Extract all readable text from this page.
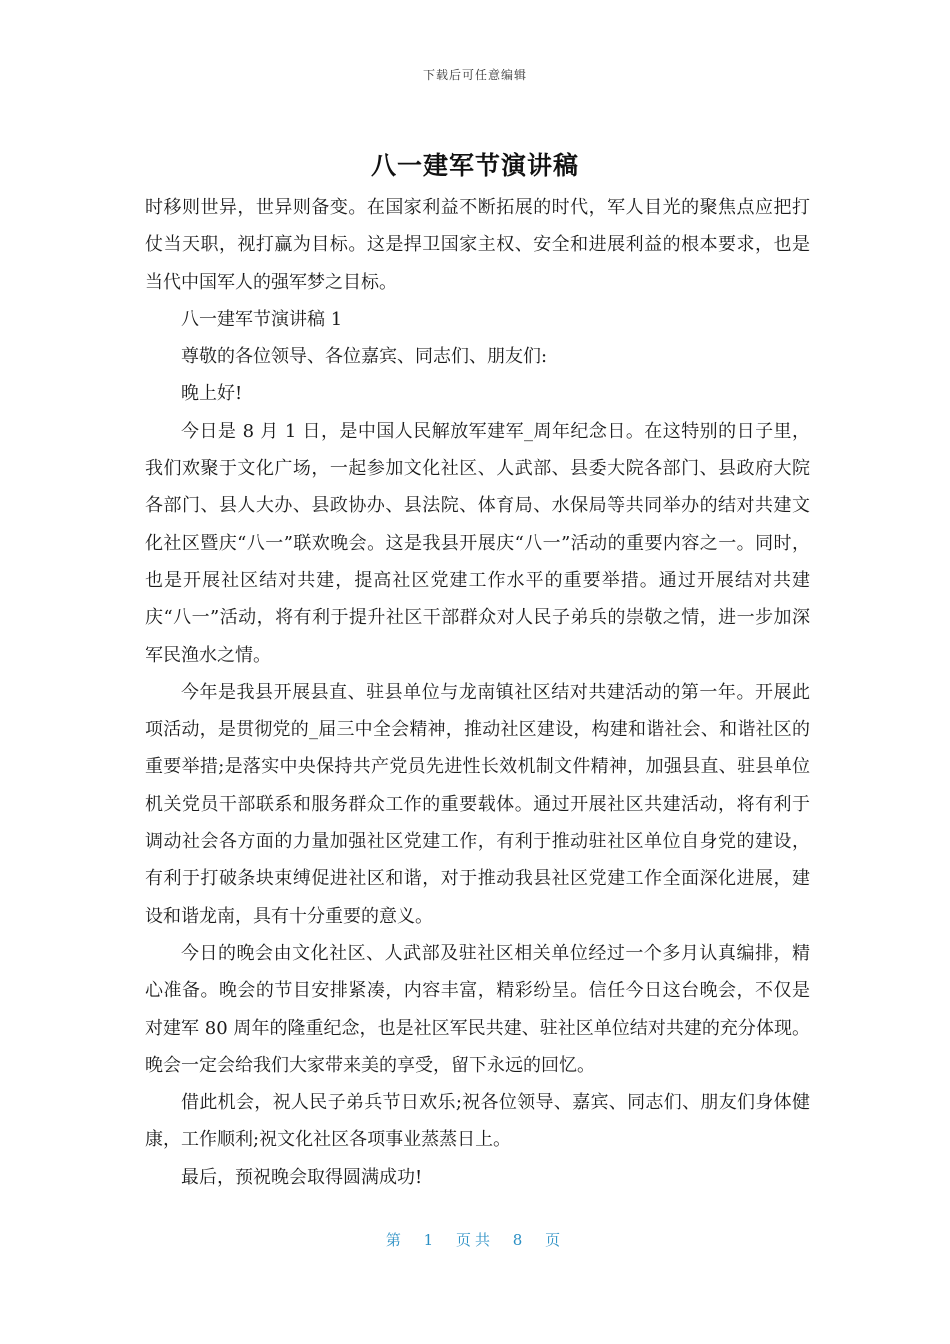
下载后可任意编辑
八一建军节演讲稿

时移则世异，世异则备变。在国家利益不断拓展的时代，军人目光的聚焦点应把打仗当天职，视打赢为目标。这是捍卫国家主权、安全和进展利益的根本要求，也是当代中国军人的强军梦之目标。

八一建军节演讲稿 1

尊敬的各位领导、各位嘉宾、同志们、朋友们:

晚上好!

今日是 8 月 1 日，是中国人民解放军建军_周年纪念日。在这特别的日子里，我们欢聚于文化广场，一起参加文化社区、人武部、县委大院各部门、县政府大院各部门、县人大办、县政协办、县法院、体育局、水保局等共同举办的结对共建文化社区暨庆“八一”联欢晚会。这是我县开展庆“八一”活动的重要内容之一。同时，也是开展社区结对共建，提高社区党建工作水平的重要举措。通过开展结对共建庆“八一”活动，将有利于提升社区干部群众对人民子弟兵的崇敬之情，进一步加深军民渔水之情。

今年是我县开展县直、驻县单位与龙南镇社区结对共建活动的第一年。开展此项活动，是贯彻党的_届三中全会精神，推动社区建设，构建和谐社会、和谐社区的重要举措;是落实中央保持共产党员先进性长效机制文件精神，加强县直、驻县单位机关党员干部联系和服务群众工作的重要载体。通过开展社区共建活动，将有利于调动社会各方面的力量加强社区党建工作，有利于推动驻社区单位自身党的建设，有利于打破条块束缚促进社区和谐，对于推动我县社区党建工作全面深化进展，建设和谐龙南，具有十分重要的意义。

今日的晚会由文化社区、人武部及驻社区相关单位经过一个多月认真编排，精心准备。晚会的节目安排紧凑，内容丰富，精彩纷呈。信任今日这台晚会，不仅是对建军 80 周年的隆重纪念，也是社区军民共建、驻社区单位结对共建的充分体现。晚会一定会给我们大家带来美的享受，留下永远的回忆。

借此机会，祝人民子弟兵节日欢乐;祝各位领导、嘉宾、同志们、朋友们身体健康，工作顺利;祝文化社区各项事业蒸蒸日上。

最后，预祝晚会取得圆满成功!

第 1 页共 8 页
